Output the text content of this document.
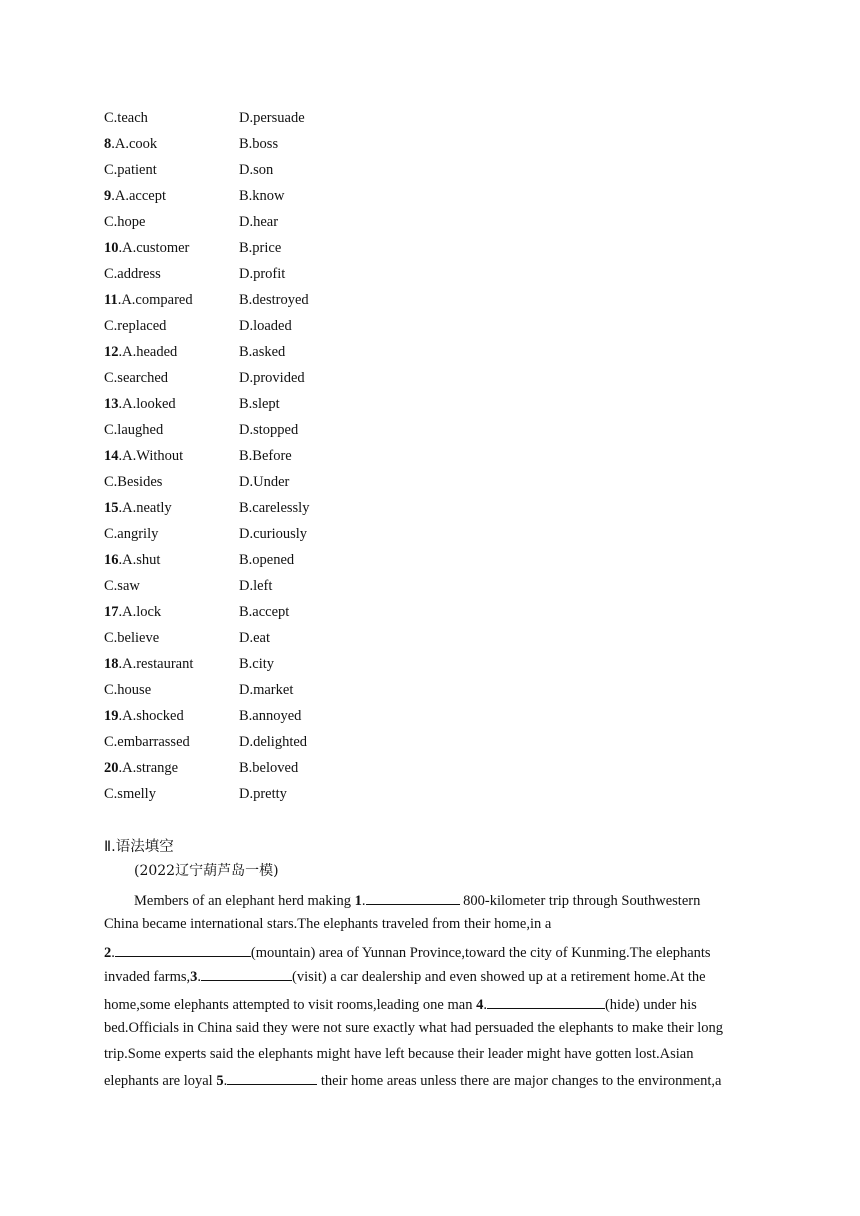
C.teach	D.persuade
8.A.cook	B.boss
C.patient	D.son
9.A.accept	B.know
C.hope	D.hear
10.A.customer	B.price
C.address	D.profit
11.A.compared	B.destroyed
C.replaced	D.loaded
12.A.headed	B.asked
C.searched	D.provided
13.A.looked	B.slept
C.laughed	D.stopped
14.A.Without	B.Before
C.Besides	D.Under
15.A.neatly	B.carelessly
C.angrily	D.curiously
16.A.shut	B.opened
C.saw	D.left
17.A.lock	B.accept
C.believe	D.eat
18.A.restaurant	B.city
C.house	D.market
19.A.shocked	B.annoyed
C.embarrassed	D.delighted
20.A.strange	B.beloved
C.smelly	D.pretty
Ⅱ.语法填空
(2022辽宁葫芦岛一模)
Members of an elephant herd making 1.	800-kilometer trip through Southwestern
China became international stars.The elephants traveled from their home,in a
2.	(mountain) area of Yunnan Province,toward the city of Kunming.The elephants
invaded farms,3.	(visit) a car dealership and even showed up at a retirement home.At the
home,some elephants attempted to visit rooms,leading one man 4.	(hide) under his
bed.Officials in China said they were not sure exactly what had persuaded the elephants to make their long
trip.Some experts said the elephants might have left because their leader might have gotten lost.Asian
elephants are loyal 5.	their home areas unless there are major changes to the environment,a
